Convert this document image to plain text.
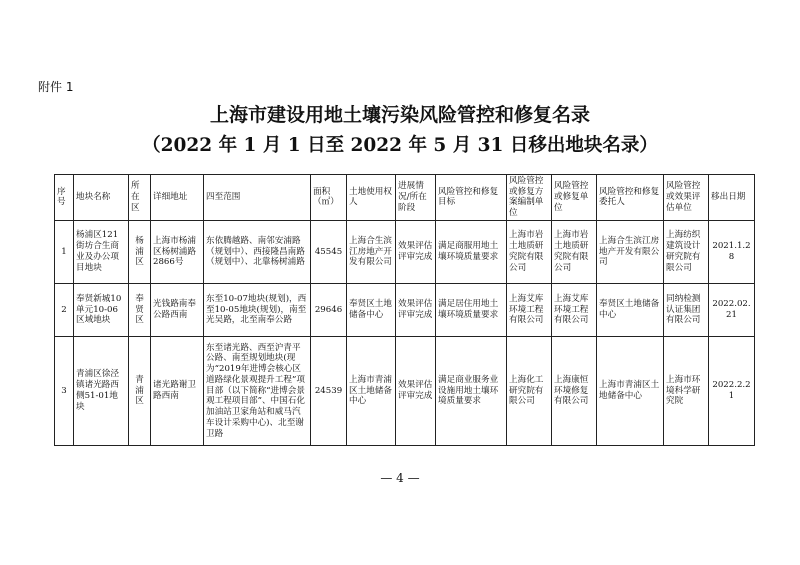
附件 1
上海市建设用地土壤污染风险管控和修复名录
（2022 年 1 月 1 日至 2022 年 5 月 31 日移出地块名录）
序号	地块名称	所在区	详细地址	四至范围	面积（㎡）	土地使用权人	进展情况/所在阶段	风险管控和修复目标	风险管控或修复方案编制单位	风险管控或修复单位	风险管控和修复委托人	风险管控或效果评估单位	移出日期
1	杨浦区121街坊合生商业及办公项目地块	杨浦区	上海市杨浦区杨树浦路2866号	东依腾越路、南邻安浦路（规划中）、西接隆昌南路（规划中）、北靠杨树浦路	45545	上海合生滨江房地产开发有限公司	效果评估评审完成	满足商服用地土壤环境质量要求	上海市岩土地质研究院有限公司	上海市岩土地质研究院有限公司	上海合生滨江房地产开发有限公司	上海纺织建筑设计研究院有限公司	2021.1.28
2	奉贤新城10单元10-06区域地块	奉贤区	光钱路南奉公路西南	东至10-07地块(规划)，西至10-05地块(规划)，南至光吴路，北至南奉公路	29646	奉贤区土地储备中心	效果评估评审完成	满足居住用地土壤环境质量要求	上海艾库环境工程有限公司	上海艾库环境工程有限公司	奉贤区土地储备中心	同纳检测认证集团有限公司	2022.02.21
3	青浦区徐泾镇诸光路西侧51-01地块	青浦区	诸光路谢卫路西南	东至诸光路、西至沪青平公路、南至规划地块(现为“2019年进博会核心区道路绿化景观提升工程”项目部（以下简称“进博会景观工程项目部”、中国石化加油站卫家角站和威马汽车设计采购中心)、北至谢卫路	24539	上海市青浦区土地储备中心	效果评估评审完成	满足商业服务业设施用地土壤环境质量要求	上海化工研究院有限公司	上海康恒环境修复有限公司	上海市青浦区土地储备中心	上海市环境科学研究院	2022.2.21
— 4 —
